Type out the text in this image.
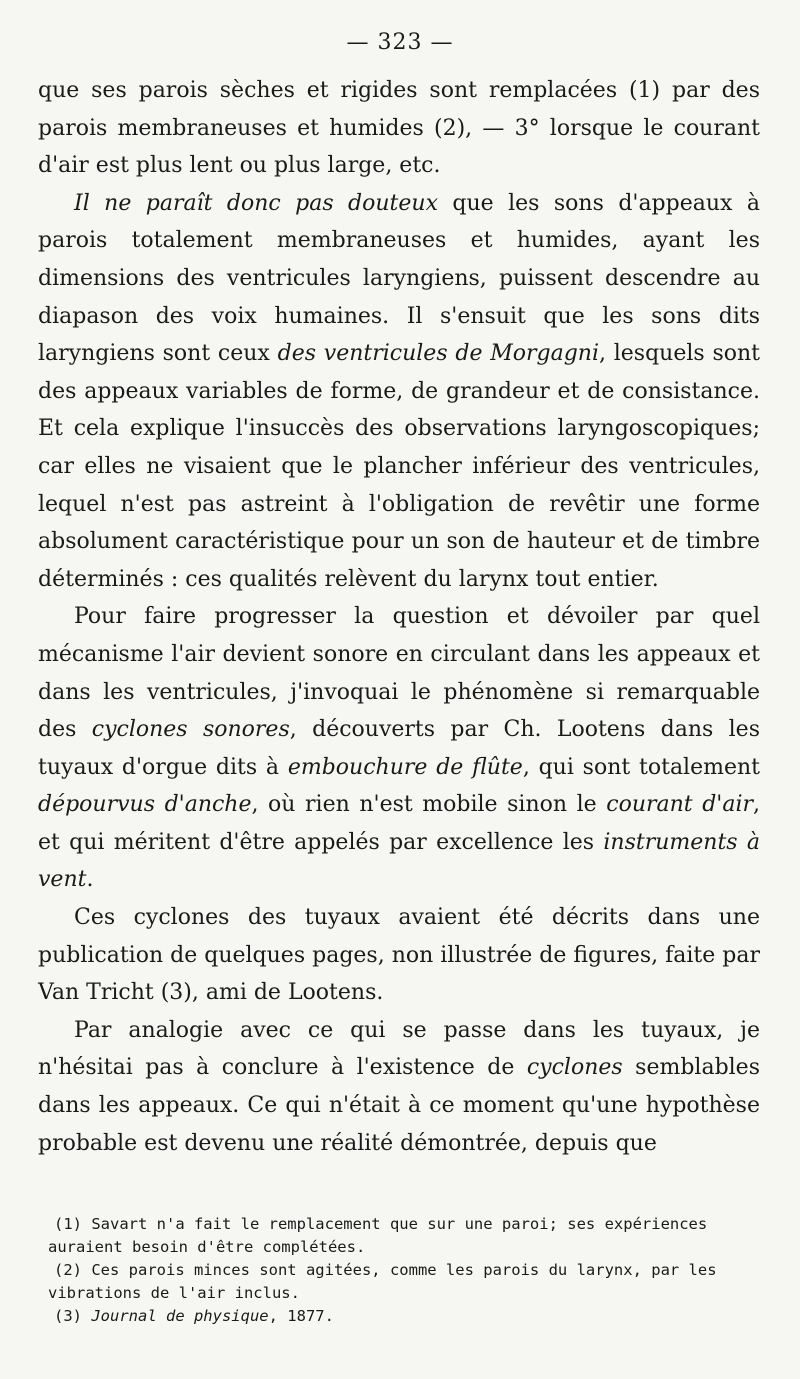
— 323 —

que ses parois sèches et rigides sont remplacées (1) par des parois membraneuses et humides (2), — 3° lorsque le courant d'air est plus lent ou plus large, etc.

Il ne paraît donc pas douteux que les sons d'appeaux à parois totalement membraneuses et humides, ayant les dimensions des ventricules laryngiens, puissent descendre au diapason des voix humaines. Il s'ensuit que les sons dits laryngiens sont ceux des ventricules de Morgagni, lesquels sont des appeaux variables de forme, de grandeur et de consistance. Et cela explique l'insuccès des observations laryngoscopiques; car elles ne visaient que le plancher inférieur des ventricules, lequel n'est pas astreint à l'obligation de revêtir une forme absolument caractéristique pour un son de hauteur et de timbre déterminés : ces qualités relèvent du larynx tout entier.

Pour faire progresser la question et dévoiler par quel mécanisme l'air devient sonore en circulant dans les appeaux et dans les ventricules, j'invoquai le phénomène si remarquable des cyclones sonores, découverts par Ch. Lootens dans les tuyaux d'orgue dits à embouchure de flûte, qui sont totalement dépourvus d'anche, où rien n'est mobile sinon le courant d'air, et qui méritent d'être appelés par excellence les instruments à vent.

Ces cyclones des tuyaux avaient été décrits dans une publication de quelques pages, non illustrée de figures, faite par Van Tricht (3), ami de Lootens.

Par analogie avec ce qui se passe dans les tuyaux, je n'hésitai pas à conclure à l'existence de cyclones semblables dans les appeaux. Ce qui n'était à ce moment qu'une hypothèse probable est devenu une réalité démontrée, depuis que

(1) Savart n'a fait le remplacement que sur une paroi; ses expériences auraient besoin d'être complétées.

(2) Ces parois minces sont agitées, comme les parois du larynx, par les vibrations de l'air inclus.

(3) Journal de physique, 1877.
